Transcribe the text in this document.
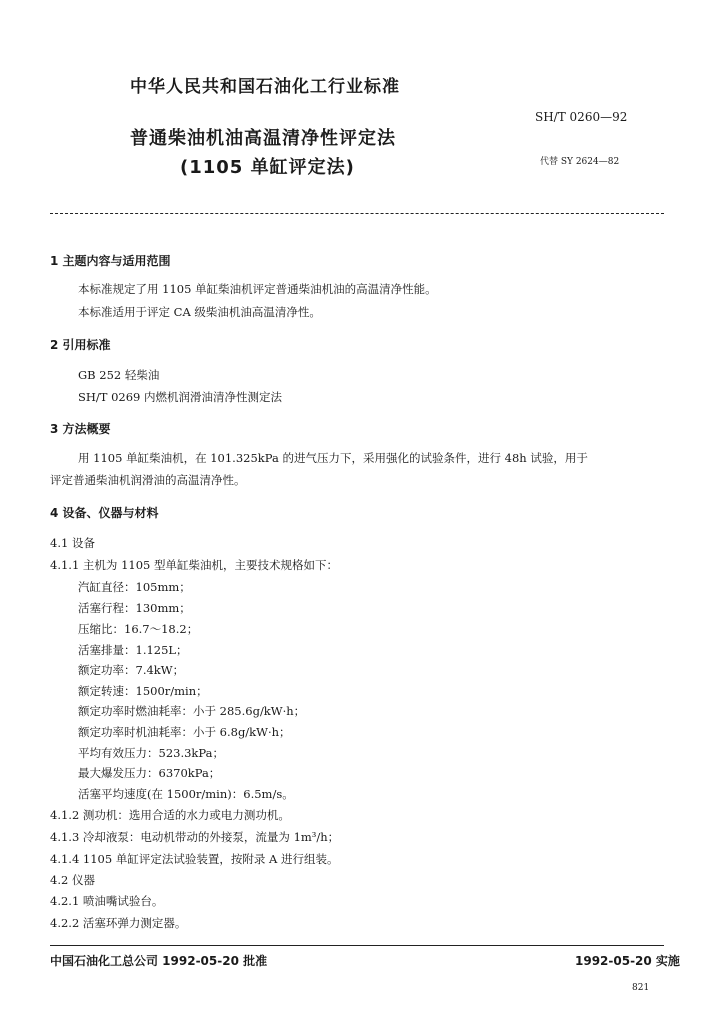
中华人民共和国石油化工行业标准
SH/T 0260—92
普通柴油机油高温清净性评定法
(1105 单缸评定法)	代替 SY 2624—82
1 主题内容与适用范围
本标准规定了用 1105 单缸柴油机评定普通柴油机油的高温清净性能。
本标准适用于评定 CA 级柴油机油高温清净性。
2 引用标准
GB 252 轻柴油
SH/T 0269 内燃机润滑油清净性测定法
3 方法概要
用 1105 单缸柴油机，在 101.325kPa 的进气压力下，采用强化的试验条件，进行 48h 试验，用于
评定普通柴油机润滑油的高温清净性。
4 设备、仪器与材料
4.1 设备
4.1.1 主机为 1105 型单缸柴油机，主要技术规格如下：
汽缸直径：105mm；
活塞行程：130mm；
压缩比：16.7～18.2；
活塞排量：1.125L；
额定功率：7.4kW；
额定转速：1500r/min；
额定功率时燃油耗率：小于 285.6g/kW·h；
额定功率时机油耗率：小于 6.8g/kW·h；
平均有效压力：523.3kPa；
最大爆发压力：6370kPa；
活塞平均速度(在 1500r/min)：6.5m/s。
4.1.2 测功机：选用合适的水力或电力测功机。
4.1.3 冷却液泵：电动机带动的外接泵，流量为 1m³/h；
4.1.4 1105 单缸评定法试验装置，按附录 A 进行组装。
4.2 仪器
4.2.1 喷油嘴试验台。
4.2.2 活塞环弹力测定器。
中国石油化工总公司 1992-05-20 批准	1992-05-20 实施
821
